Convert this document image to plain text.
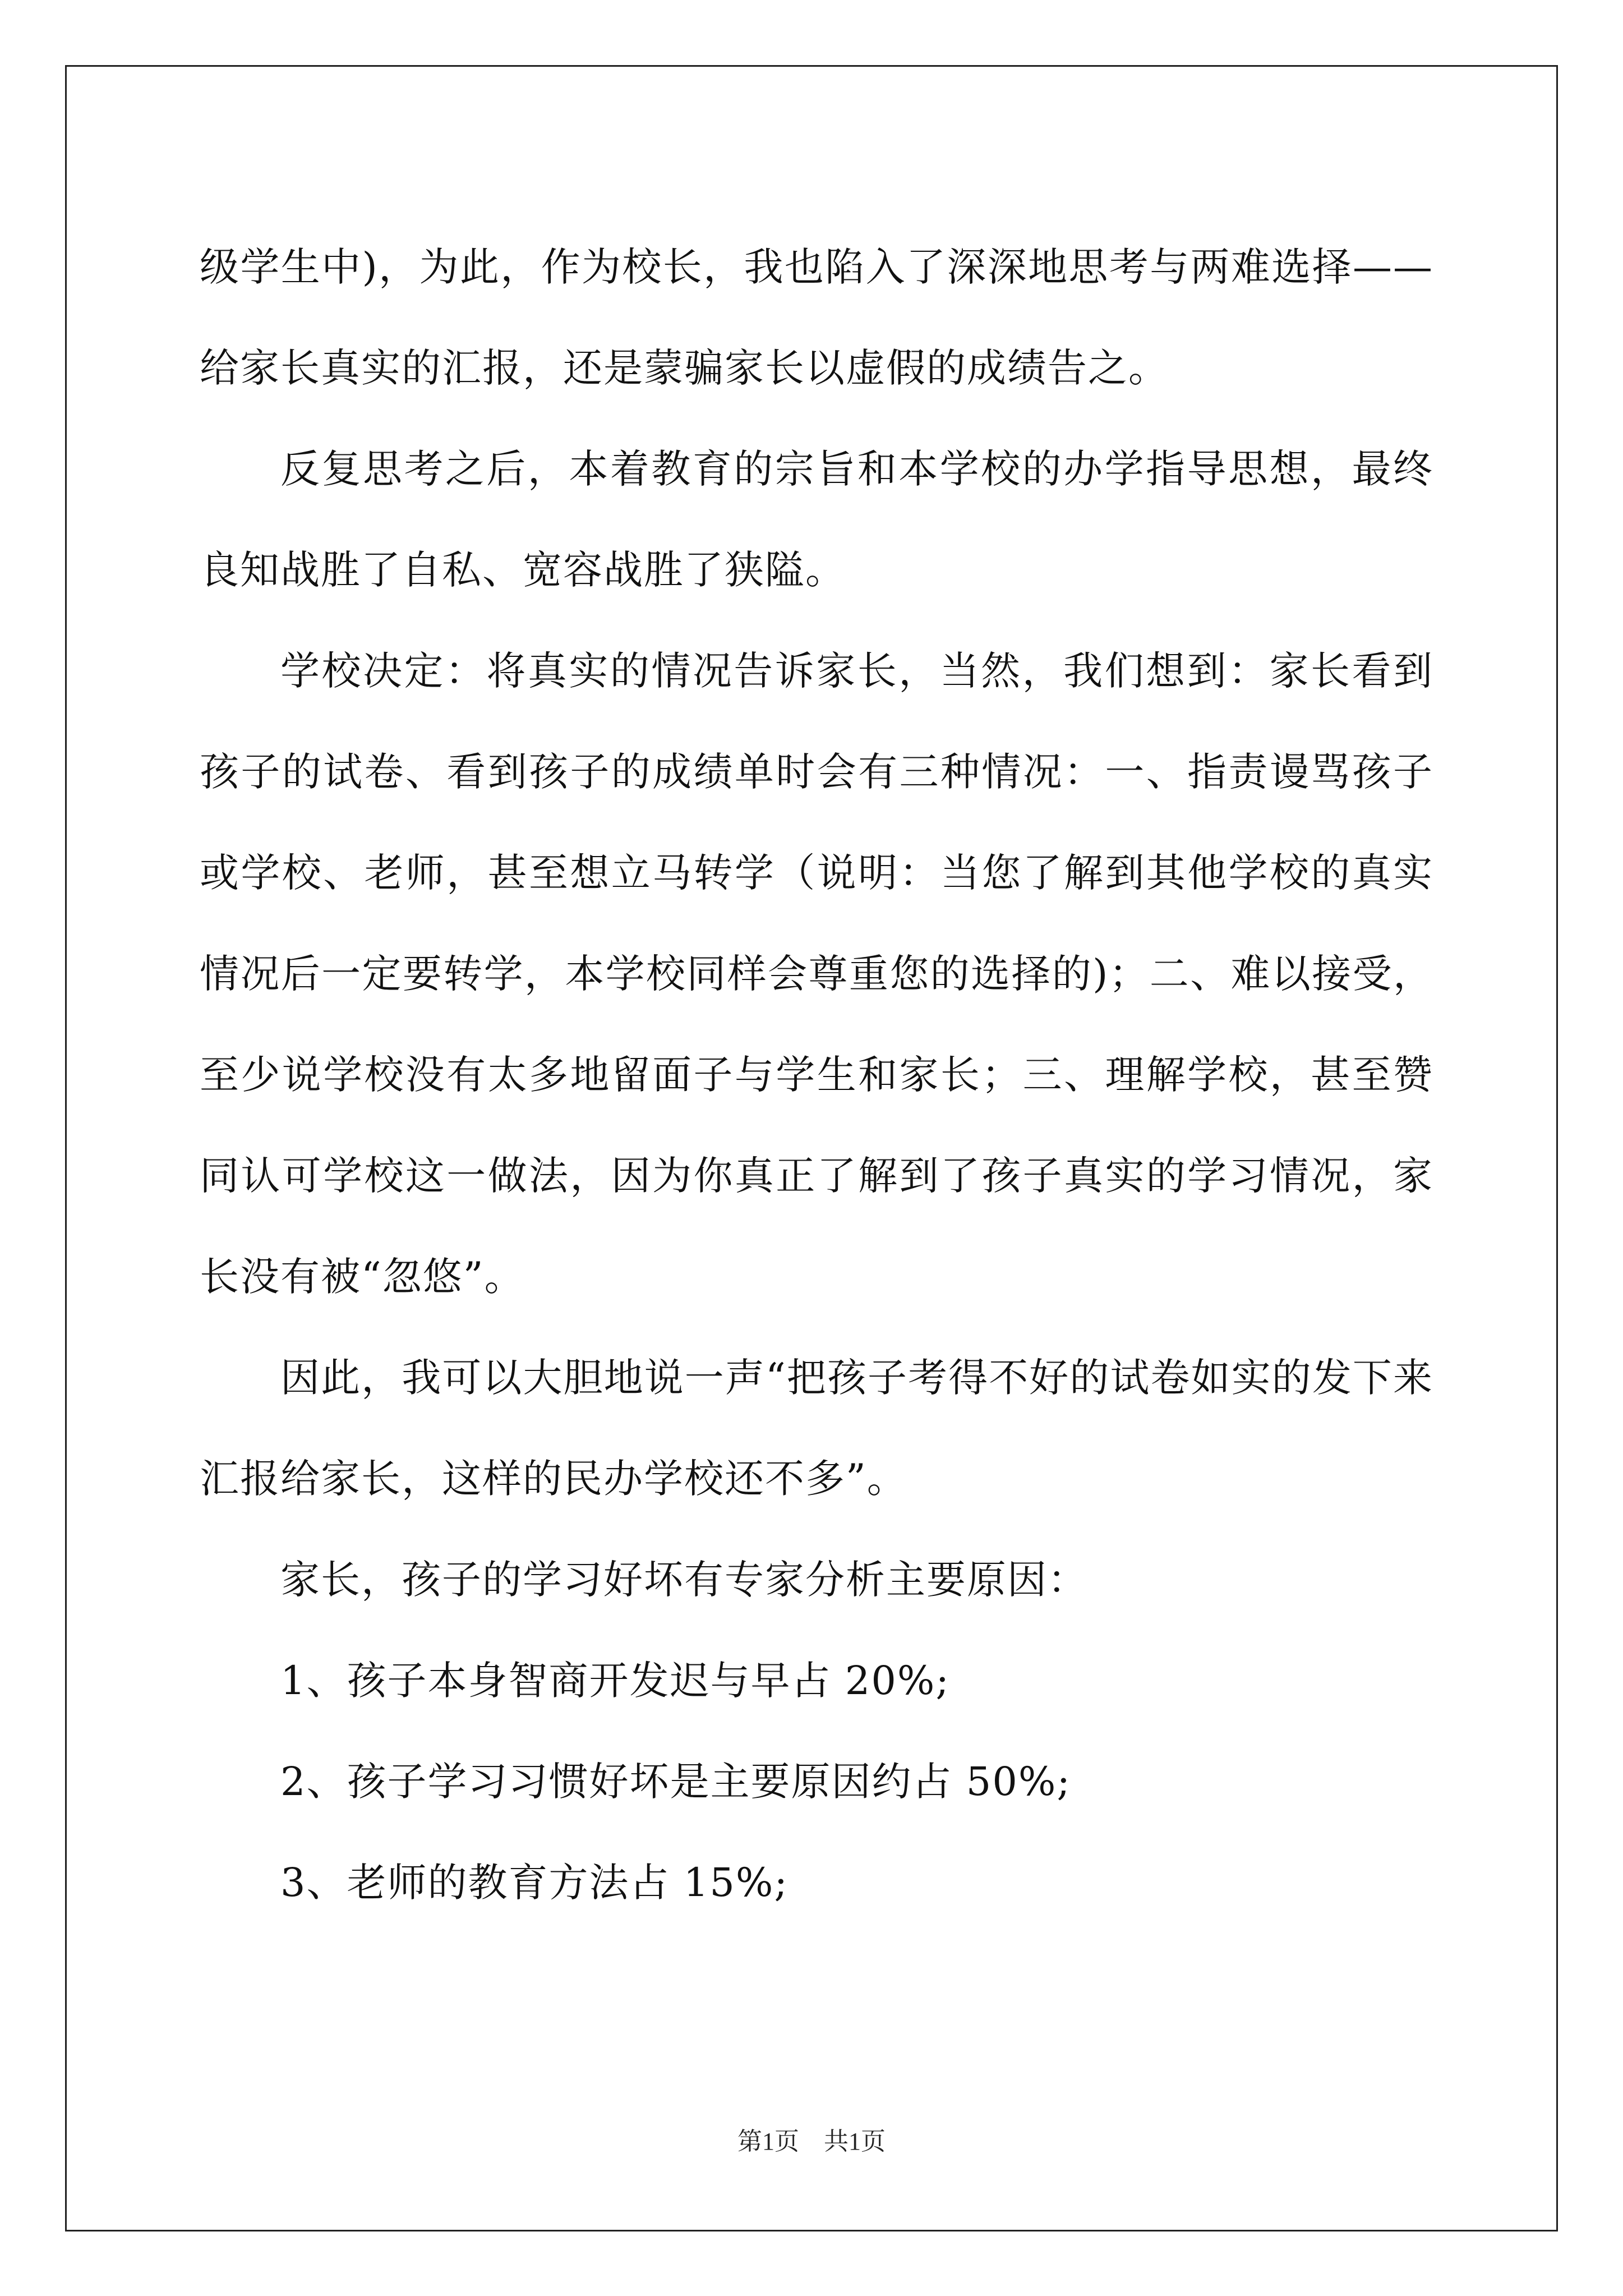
级学生中)，为此，作为校长，我也陷入了深深地思考与两难选择——给家长真实的汇报，还是蒙骗家长以虚假的成绩告之。

反复思考之后，本着教育的宗旨和本学校的办学指导思想，最终良知战胜了自私、宽容战胜了狭隘。

学校决定：将真实的情况告诉家长，当然，我们想到：家长看到孩子的试卷、看到孩子的成绩单时会有三种情况：一、指责谩骂孩子或学校、老师，甚至想立马转学（说明：当您了解到其他学校的真实情况后一定要转学，本学校同样会尊重您的选择的)；二、难以接受，至少说学校没有太多地留面子与学生和家长；三、理解学校，甚至赞同认可学校这一做法，因为你真正了解到了孩子真实的学习情况，家长没有被“忽悠”。

因此，我可以大胆地说一声“把孩子考得不好的试卷如实的发下来汇报给家长，这样的民办学校还不多”。

家长，孩子的学习好坏有专家分析主要原因：

1、孩子本身智商开发迟与早占 20%;

2、孩子学习习惯好坏是主要原因约占 50%;

3、老师的教育方法占 15%;

第1页　共1页
